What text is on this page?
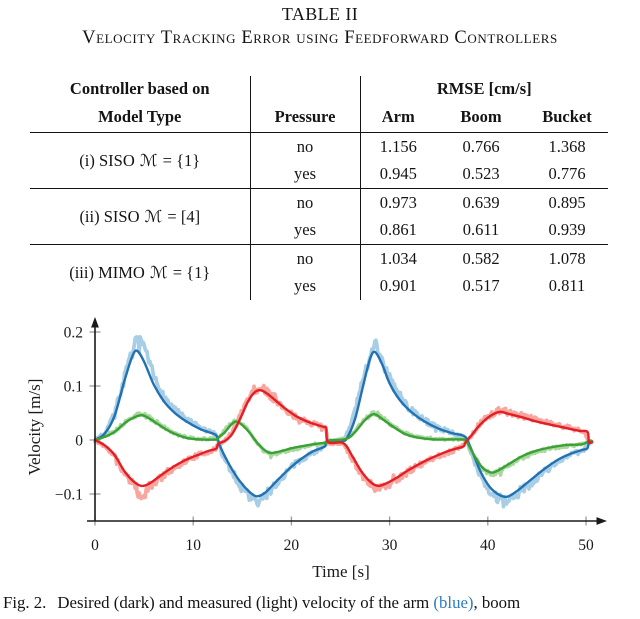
TABLE II
Velocity Tracking Error using Feedforward Controllers
Controller based on		RMSE [cm/s]		
Model Type	Pressure	Arm	Boom	Bucket
(i) SISO ℳ = {1}	no	1.156	0.766	1.368
	yes	0.945	0.523	0.776
(ii) SISO ℳ = [4]	no	0.973	0.639	0.895
	yes	0.861	0.611	0.939
(iii) MIMO ℳ = {1}	no	1.034	0.582	1.078
	yes	0.901	0.517	0.811
0	10	20	30	40	50
0.2
0.1
0
−0.1
Time [s]
Velocity [m/s]
Fig. 2. Desired (dark) and measured (light) velocity of the arm (blue), boom
